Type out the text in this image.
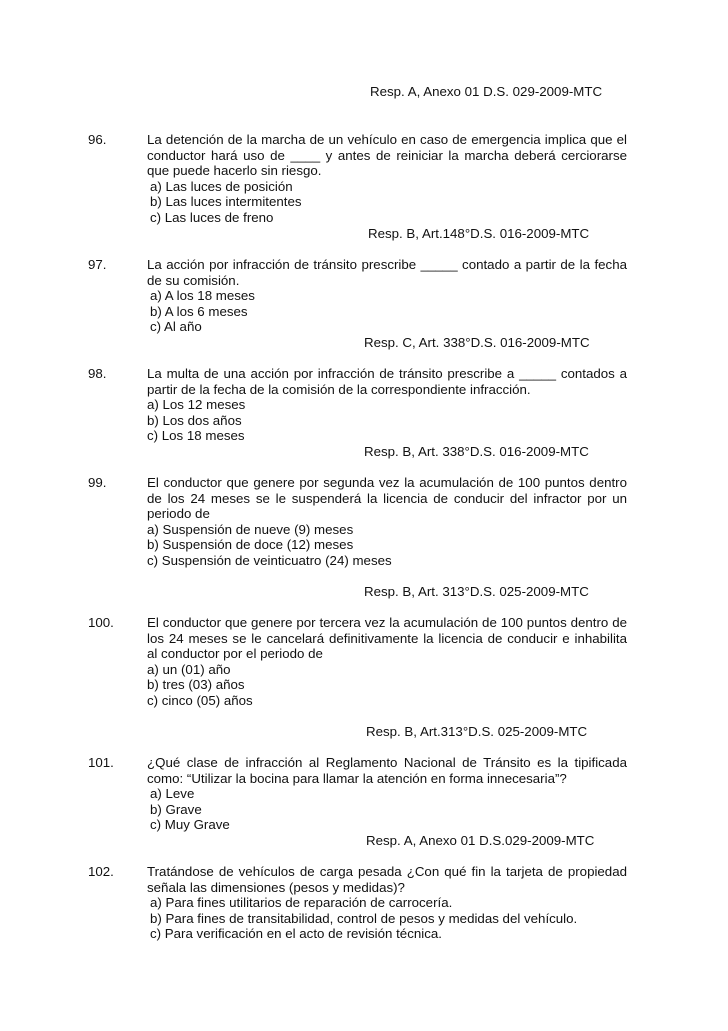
Resp. A, Anexo 01 D.S. 029-2009-MTC
96.	La detención de la marcha de un vehículo en caso de emergencia implica que el conductor hará uso de ____ y antes de reiniciar la marcha deberá cerciorarse que puede hacerlo sin riesgo.
a) Las luces de posición
b) Las luces intermitentes
c) Las luces de freno
Resp. B, Art.148°D.S. 016-2009-MTC
97.	La acción por infracción de tránsito prescribe _____ contado a partir de la fecha de su comisión.
a) A los 18 meses
b) A los 6 meses
c) Al año
Resp. C, Art. 338°D.S. 016-2009-MTC
98.	La multa de una acción por infracción de tránsito prescribe a _____ contados a partir de la fecha de la comisión de la correspondiente infracción.
a) Los 12 meses
b) Los dos años
c) Los 18 meses
Resp. B, Art. 338°D.S. 016-2009-MTC
99.	El conductor que genere por segunda vez la acumulación de 100 puntos dentro de los 24 meses se le suspenderá la licencia de conducir del infractor por un periodo de
a) Suspensión de nueve (9) meses
b) Suspensión de doce (12) meses
c) Suspensión de veinticuatro (24) meses
Resp. B, Art. 313°D.S. 025-2009-MTC
100. El conductor que genere por tercera vez la acumulación de 100 puntos dentro de los 24 meses se le cancelará definitivamente la licencia de conducir e inhabilita al conductor por el periodo de
a) un (01) año
b) tres (03) años
c) cinco (05) años
Resp. B, Art.313°D.S. 025-2009-MTC
101. ¿Qué clase de infracción al Reglamento Nacional de Tránsito es la tipificada como: “Utilizar la bocina para llamar la atención en forma innecesaria”?
a) Leve
b) Grave
c) Muy Grave
Resp. A, Anexo 01 D.S.029-2009-MTC
102. Tratándose de vehículos de carga pesada ¿Con qué fin la tarjeta de propiedad señala las dimensiones (pesos y medidas)?
a) Para fines utilitarios de reparación de carrocería.
b) Para fines de transitabilidad, control de pesos y medidas del vehículo.
c) Para verificación en el acto de revisión técnica.
